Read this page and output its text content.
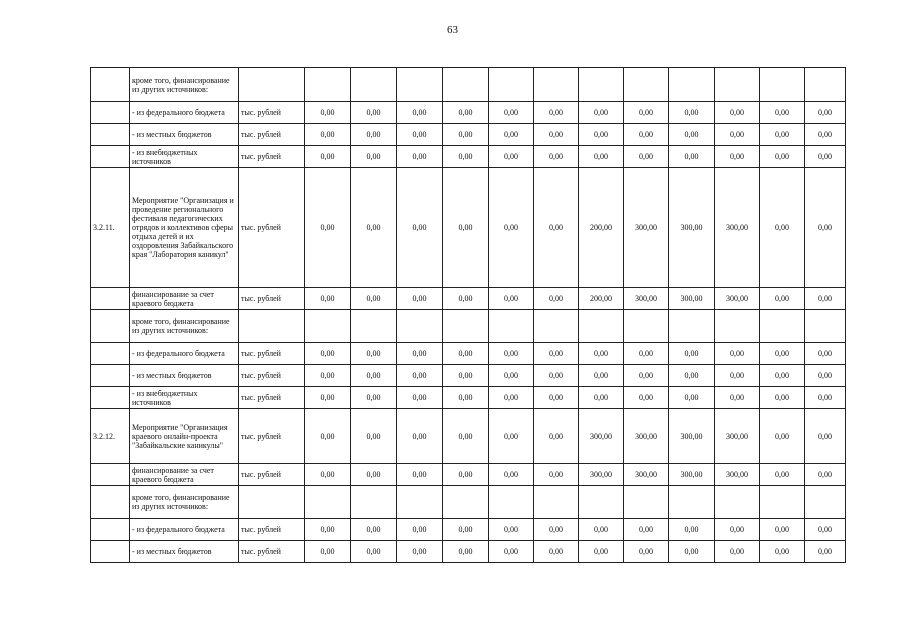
63
	кроме того, финансирование из других источников:													
	- из федерального бюджета	тыс. рублей	0,00	0,00	0,00	0,00	0,00	0,00	0,00	0,00	0,00	0,00	0,00	0,00
	- из местных бюджетов	тыс. рублей	0,00	0,00	0,00	0,00	0,00	0,00	0,00	0,00	0,00	0,00	0,00	0,00
	- из внебюджетных источников	тыс. рублей	0,00	0,00	0,00	0,00	0,00	0,00	0,00	0,00	0,00	0,00	0,00	0,00
3.2.11.	Мероприятие "Организация и проведение регионального фестиваля педагогических отрядов и коллективов сферы отдыха детей и их оздоровления Забайкальского края "Лаборатория каникул"	тыс. рублей	0,00	0,00	0,00	0,00	0,00	0,00	200,00	300,00	300,00	300,00	0,00	0,00
	финансирование за счет краевого бюджета	тыс. рублей	0,00	0,00	0,00	0,00	0,00	0,00	200,00	300,00	300,00	300,00	0,00	0,00
	кроме того, финансирование из других источников:													
	- из федерального бюджета	тыс. рублей	0,00	0,00	0,00	0,00	0,00	0,00	0,00	0,00	0,00	0,00	0,00	0,00
	- из местных бюджетов	тыс. рублей	0,00	0,00	0,00	0,00	0,00	0,00	0,00	0,00	0,00	0,00	0,00	0,00
	- из внебюджетных источников	тыс. рублей	0,00	0,00	0,00	0,00	0,00	0,00	0,00	0,00	0,00	0,00	0,00	0,00
3.2.12.	Мероприятие "Организация краевого онлайн-проекта "Забайкальские каникулы"	тыс. рублей	0,00	0,00	0,00	0,00	0,00	0,00	300,00	300,00	300,00	300,00	0,00	0,00
	финансирование за счет краевого бюджета	тыс. рублей	0,00	0,00	0,00	0,00	0,00	0,00	300,00	300,00	300,00	300,00	0,00	0,00
	кроме того, финансирование из других источников:													
	- из федерального бюджета	тыс. рублей	0,00	0,00	0,00	0,00	0,00	0,00	0,00	0,00	0,00	0,00	0,00	0,00
	- из местных бюджетов	тыс. рублей	0,00	0,00	0,00	0,00	0,00	0,00	0,00	0,00	0,00	0,00	0,00	0,00
